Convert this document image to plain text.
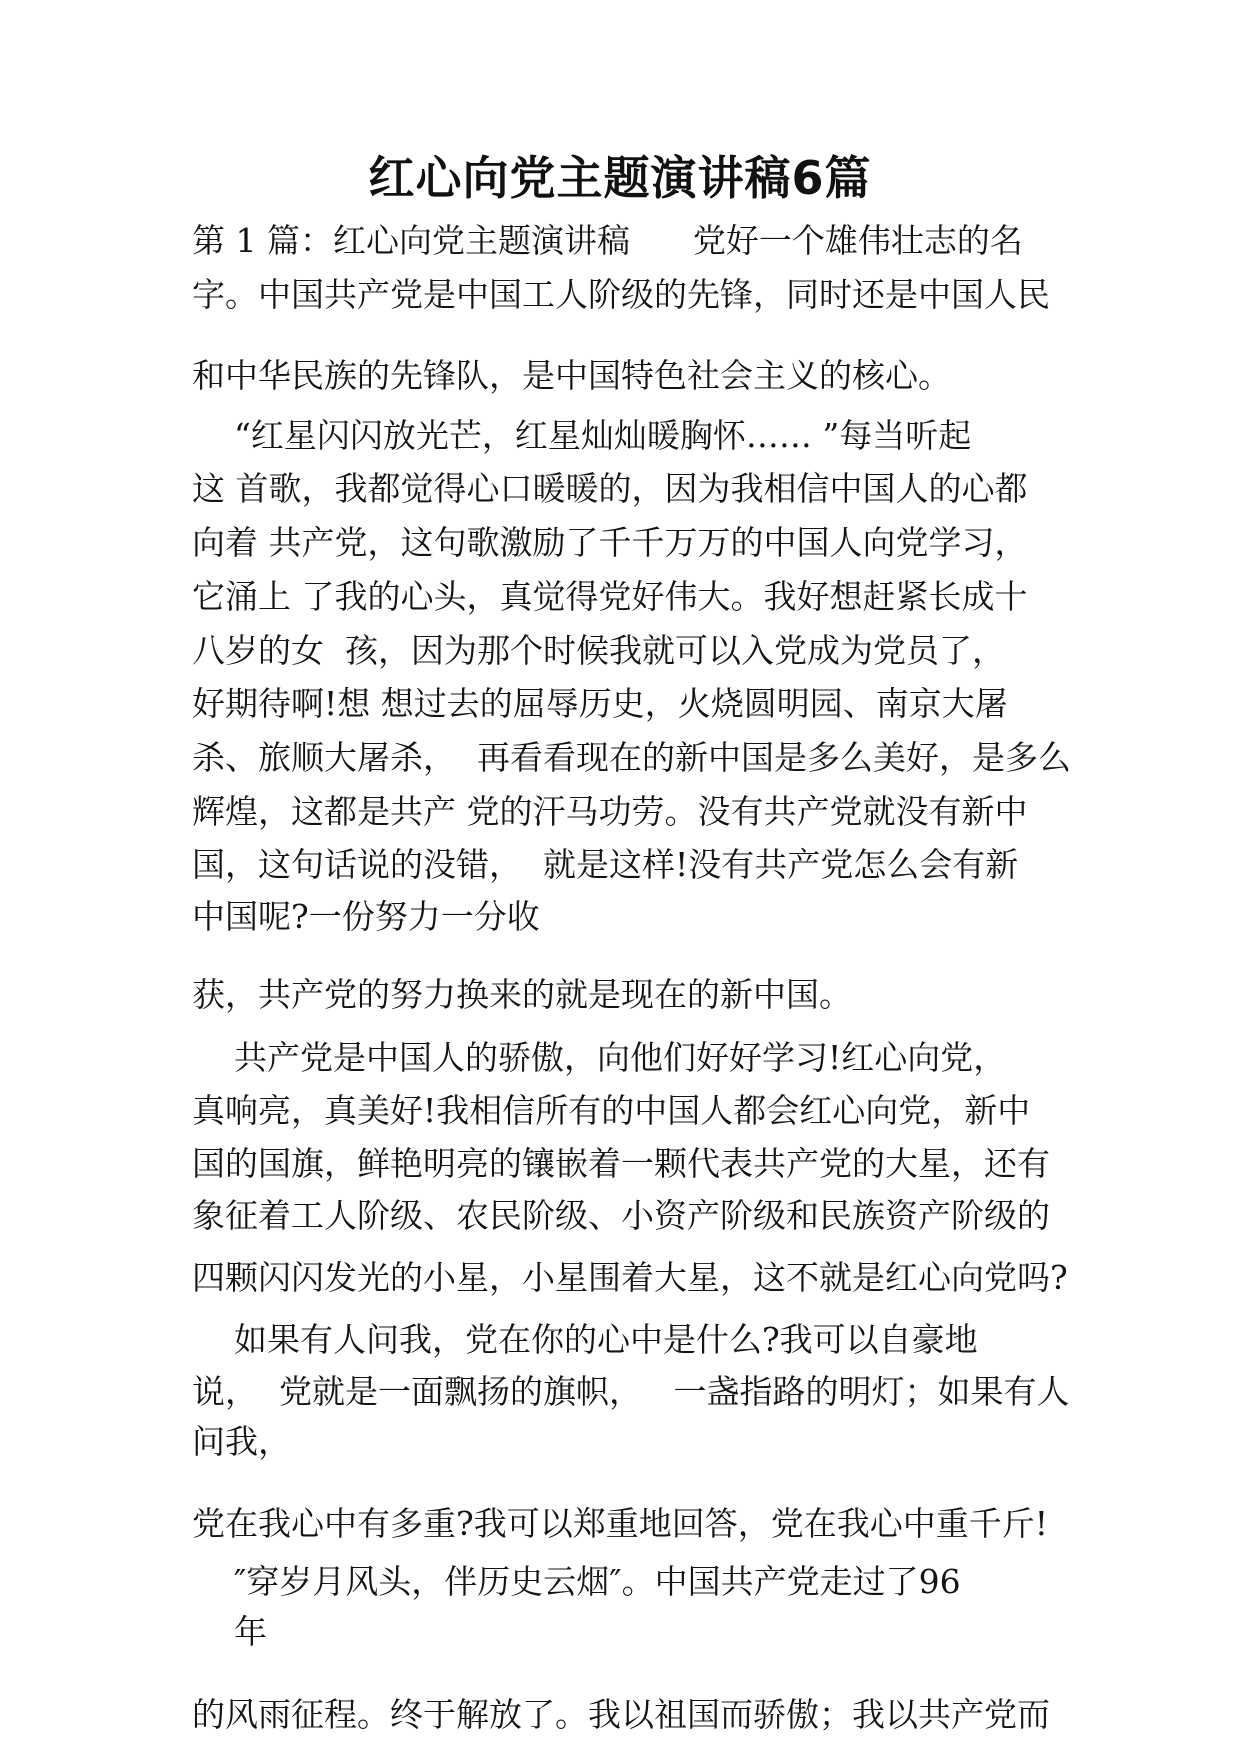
红心向党主题演讲稿6篇
第 1 篇：红心向党主题演讲稿      党好一个雄伟壮志的名
字。中国共产党是中国工人阶级的先锋，同时还是中国人民
和中华民族的先锋队，是中国特色社会主义的核心。
“红星闪闪放光芒，红星灿灿暖胸怀…… ”每当听起
这 首歌，我都觉得心口暖暖的，因为我相信中国人的心都
向着 共产党，这句歌激励了千千万万的中国人向党学习，
它涌上 了我的心头，真觉得党好伟大。我好想赶紧长成十
八岁的女  孩，因为那个时候我就可以入党成为党员了，
好期待啊!想 想过去的屈辱历史，火烧圆明园、南京大屠
杀、旅顺大屠杀，  再看看现在的新中国是多么美好，是多么
辉煌，这都是共产 党的汗马功劳。没有共产党就没有新中
国，这句话说的没错，  就是这样!没有共产党怎么会有新
中国呢?一份努力一分收
获，共产党的努力换来的就是现在的新中国。
共产党是中国人的骄傲，向他们好好学习!红心向党，
真响亮，真美好!我相信所有的中国人都会红心向党，新中
国的国旗，鲜艳明亮的镶嵌着一颗代表共产党的大星，还有
象征着工人阶级、农民阶级、小资产阶级和民族资产阶级的
四颗闪闪发光的小星，小星围着大星，这不就是红心向党吗?
如果有人问我，党在你的心中是什么?我可以自豪地
说，  党就是一面飘扬的旗帜，   一盏指路的明灯；如果有人
问我，
党在我心中有多重?我可以郑重地回答，党在我心中重千斤!
″穿岁月风头，伴历史云烟″。中国共产党走过了96
年
的风雨征程。终于解放了。我以祖国而骄傲；我以共产党而
